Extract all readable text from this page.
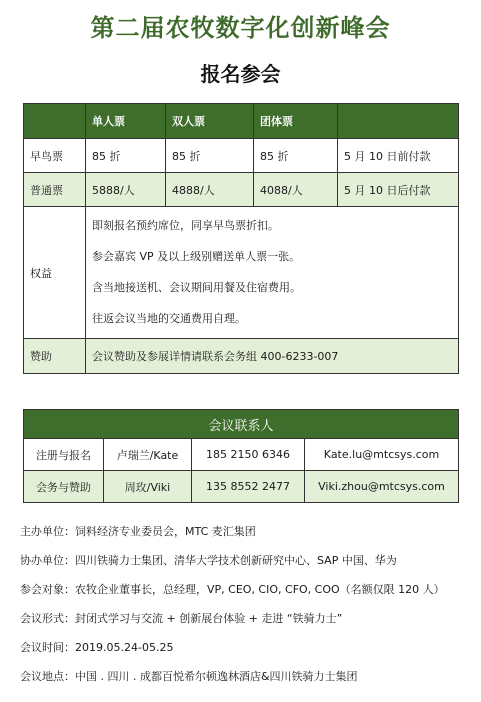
第二届农牧数字化创新峰会
报名参会
	单人票	双人票	团体票	
早鸟票	85 折	85 折	85 折	5 月 10 日前付款
普通票	5888/人	4888/人	4088/人	5 月 10 日后付款
权益	即刻报名预约席位，同享早鸟票折扣。

参会嘉宾 VP 及以上级别赠送单人票一张。

含当地接送机、会议期间用餐及住宿费用。

往返会议当地的交通费用自理。			

赞助	会议赞助及参展详情请联系会务组 400-6233-007			
会议联系人			
注册与报名	卢瑞兰/Kate	185 2150 6346	Kate.lu@mtcsys.com
会务与赞助	周玫/Viki	135 8552 2477	Viki.zhou@mtcsys.com
主办单位：饲料经济专业委员会，MTC 麦汇集团
协办单位：四川铁骑力士集团、清华大学技术创新研究中心、SAP 中国、华为
参会对象：农牧企业董事长，总经理，VP, CEO, CIO, CFO, COO（名额仅限 120 人）
会议形式：封闭式学习与交流 + 创新展台体验 + 走进 “铁骑力士”
会议时间：2019.05.24-05.25
会议地点：中国 . 四川 . 成都百悦希尔顿逸林酒店&四川铁骑力士集团
